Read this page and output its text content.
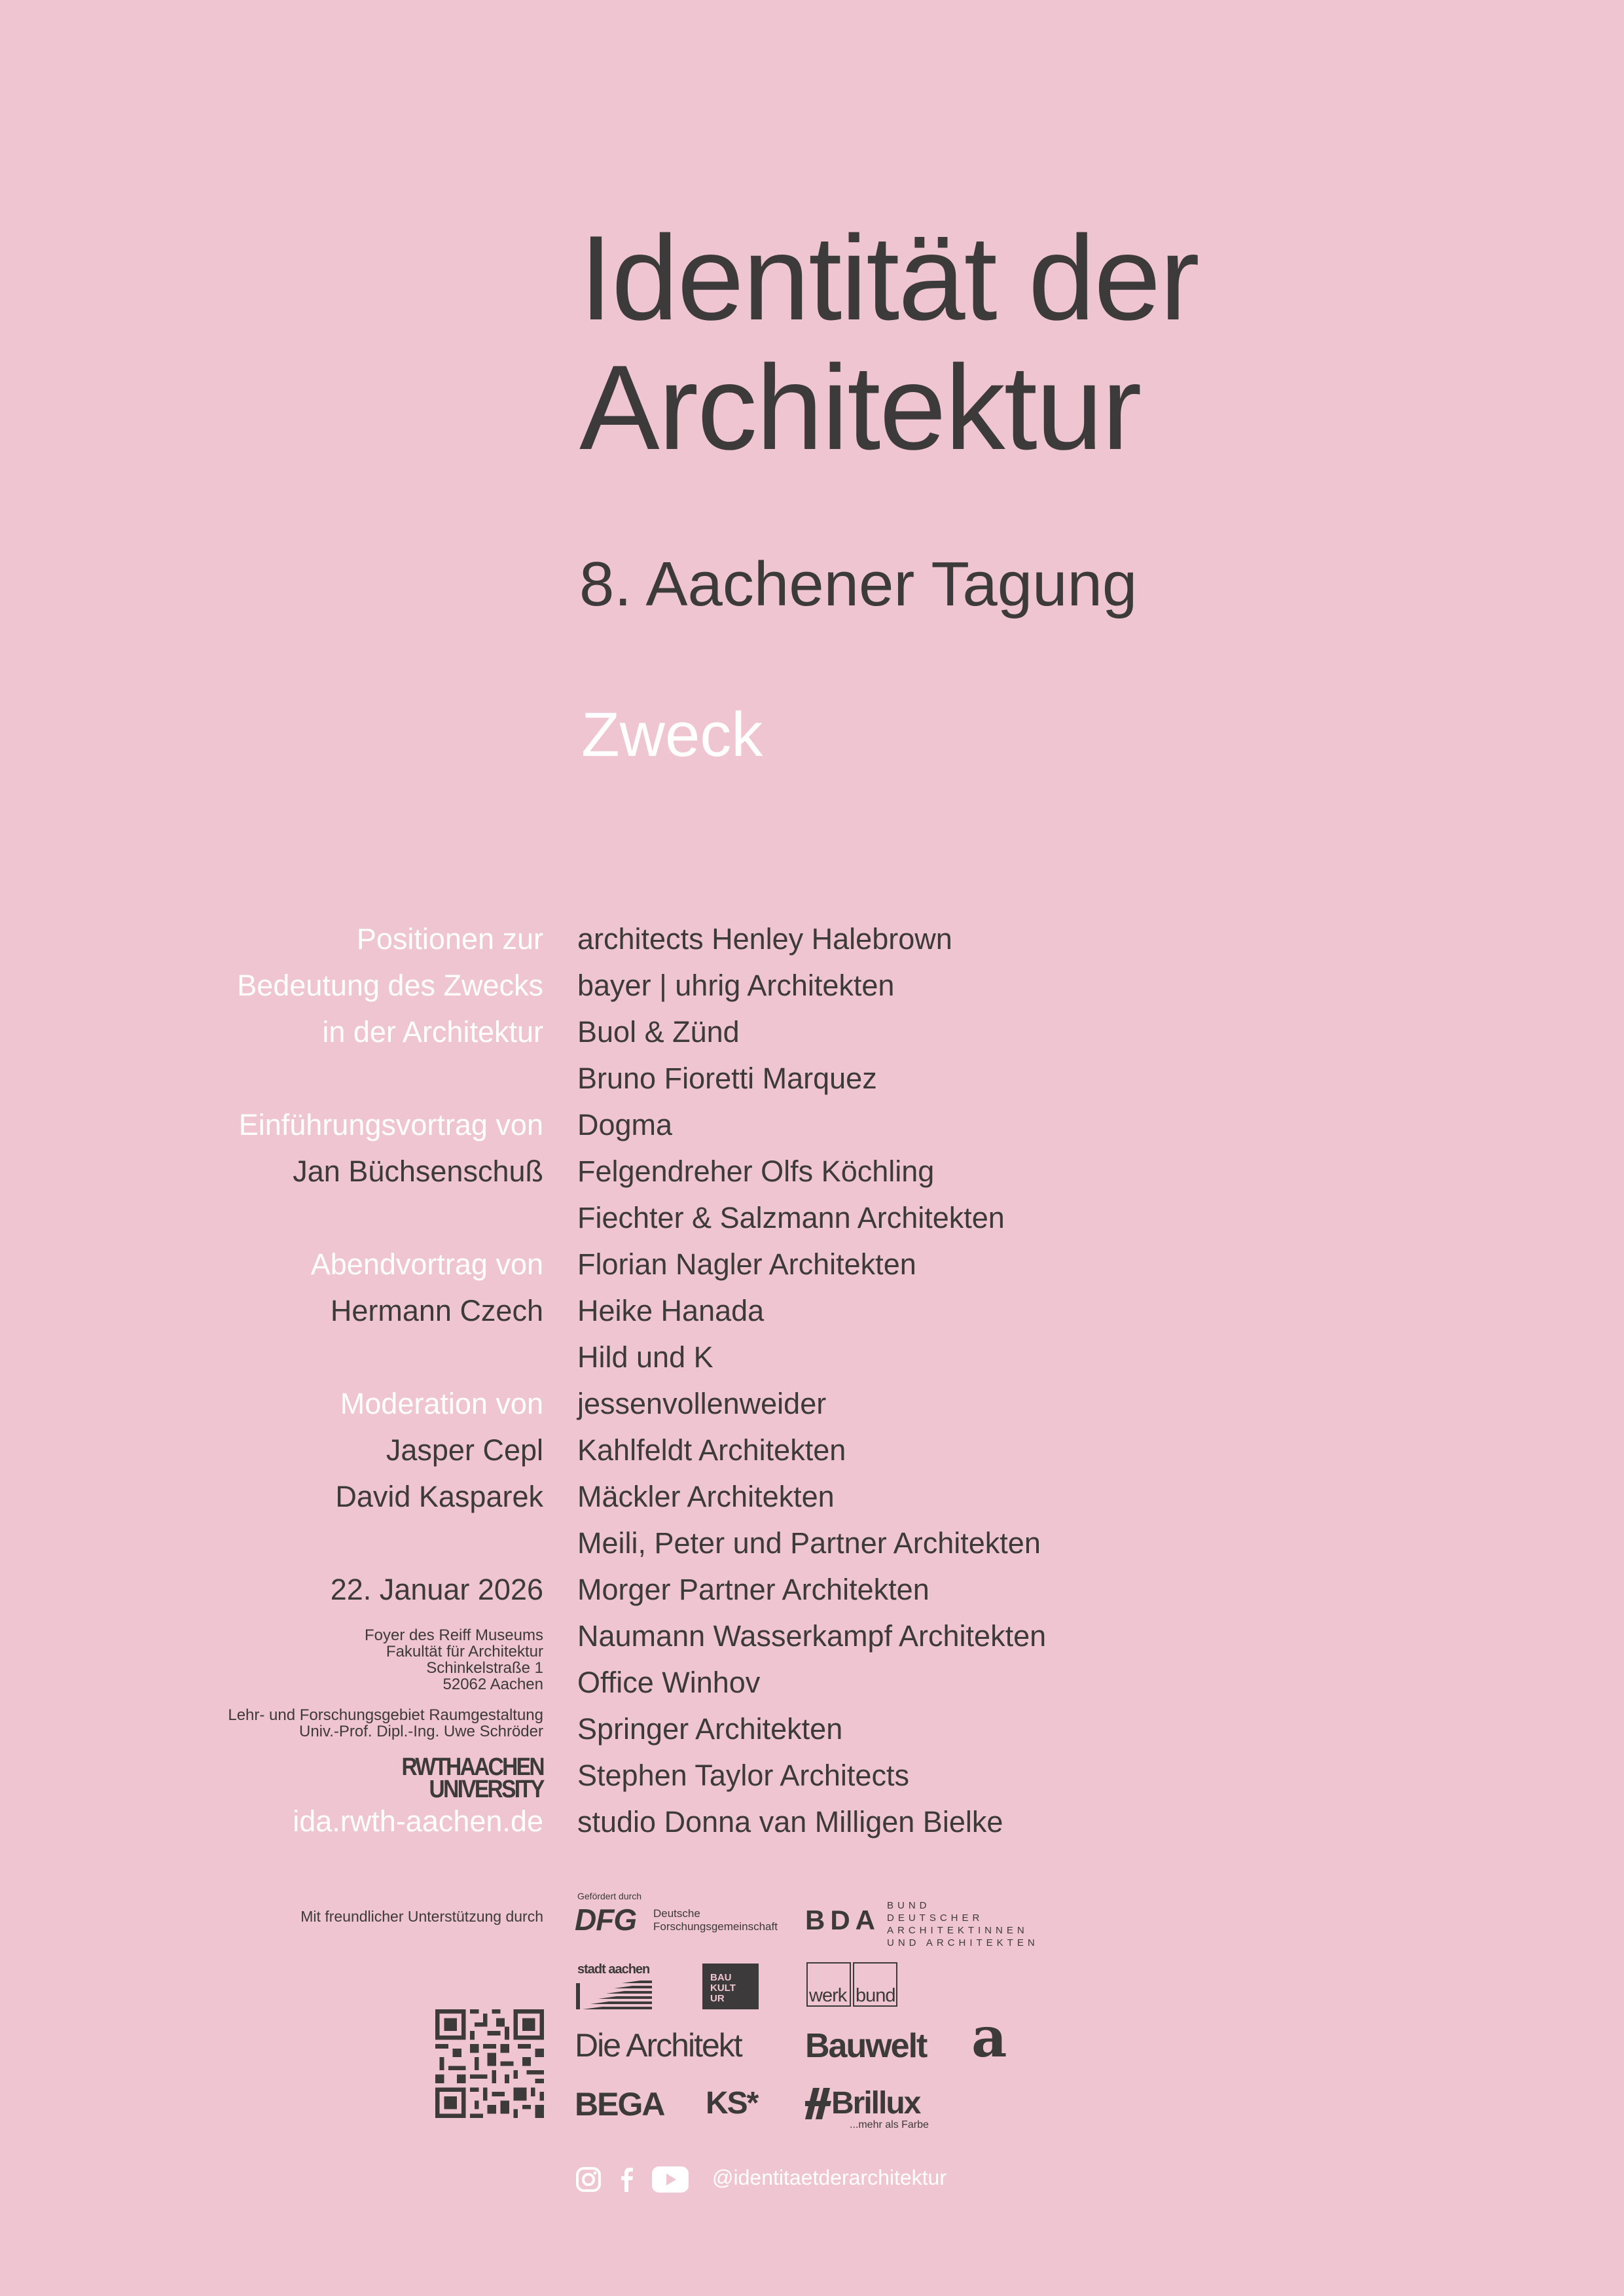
Identität der
Architektur
8. Aachener Tagung
Zweck
Positionen zur
Bedeutung des Zwecks
in der Architektur
Einführungsvortrag von
Jan Büchsenschuß
Abendvortrag von
Hermann Czech
Moderation von
Jasper Cepl
David Kasparek
22. Januar 2026
Foyer des Reiff Museums
Fakultät für Architektur
Schinkelstraße 1
52062 Aachen
Lehr- und Forschungsgebiet Raumgestaltung
Univ.-Prof. Dipl.-Ing. Uwe Schröder
RWTHAACHEN
UNIVERSITY
ida.rwth-aachen.de
architects Henley Halebrown
bayer | uhrig Architekten
Buol & Zünd
Bruno Fioretti Marquez
Dogma
Felgendreher Olfs Köchling
Fiechter & Salzmann Architekten
Florian Nagler Architekten
Heike Hanada
Hild und K
jessenvollenweider
Kahlfeldt Architekten
Mäckler Architekten
Meili, Peter und Partner Architekten
Morger Partner Architekten
Naumann Wasserkampf Architekten
Office Winhov
Springer Architekten
Stephen Taylor Architects
studio Donna van Milligen Bielke
Mit freundlicher Unterstützung durch
Gefördert durch
DFG Deutsche
Forschungsgemeinschaft BDA BUND
DEUTSCHER
ARCHITEKTINNEN
UND ARCHITEKTEN
stadt aachen
BAU
KULT
UR	werk bund
Die Architekt Bauwelt a
BEGA KS* Brillux
...mehr als Farbe
@identitaetderarchitektur
